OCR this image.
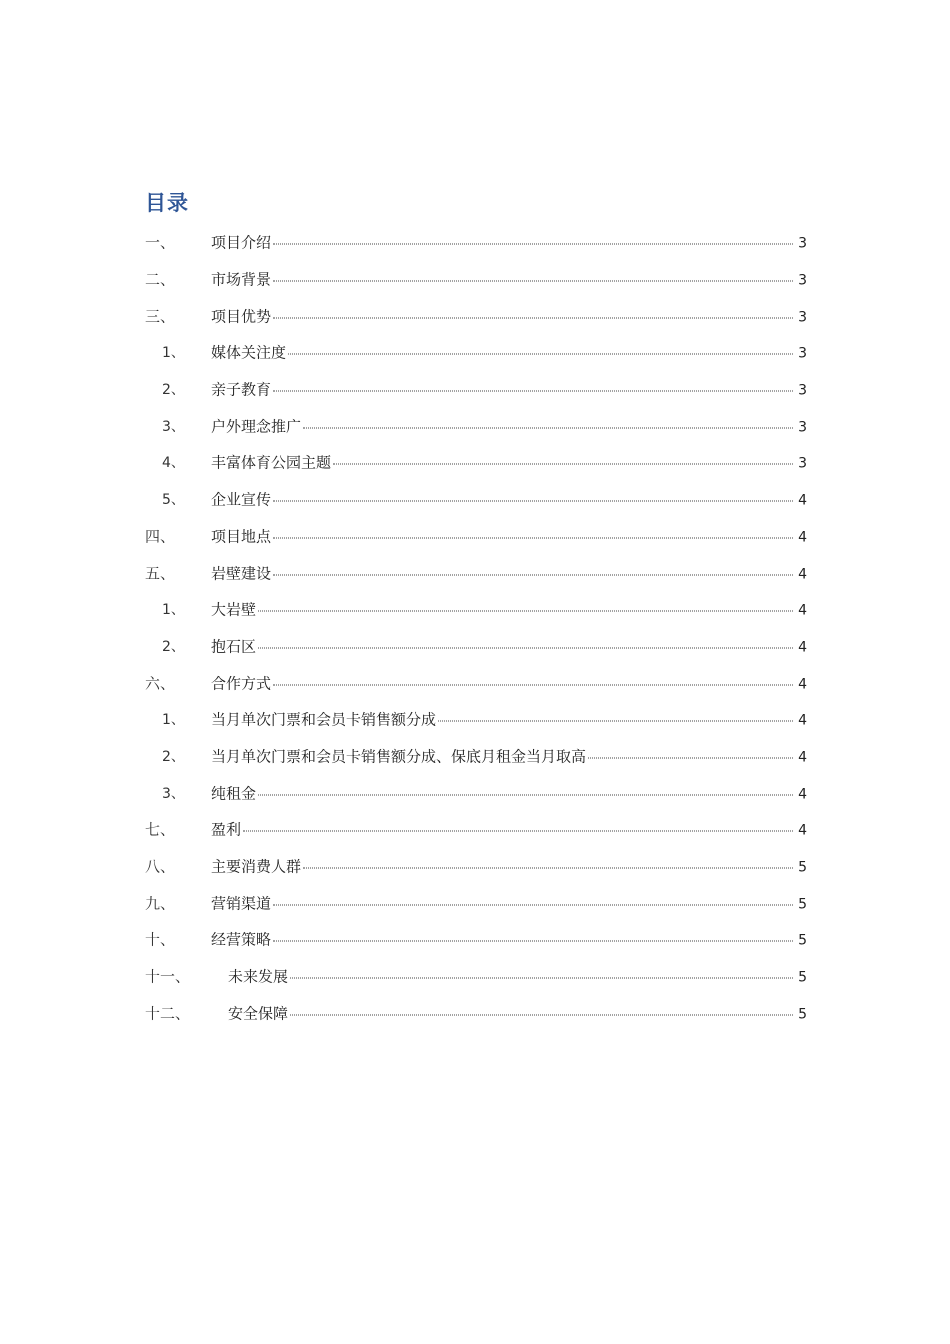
目录
一、 项目介绍	3
二、 市场背景	3
三、 项目优势	3
1、 媒体关注度	3
2、 亲子教育	3
3、 户外理念推广	3
4、 丰富体育公园主题	3
5、 企业宣传	4
四、 项目地点	4
五、 岩壁建设	4
1、 大岩壁	4
2、 抱石区	4
六、 合作方式	4
1、 当月单次门票和会员卡销售额分成	4
2、 当月单次门票和会员卡销售额分成、保底月租金当月取高	4
3、 纯租金	4
七、 盈利	4
八、 主要消费人群	5
九、 营销渠道	5
十、 经营策略	5
十一、	未来发展	5
十二、	安全保障	5
